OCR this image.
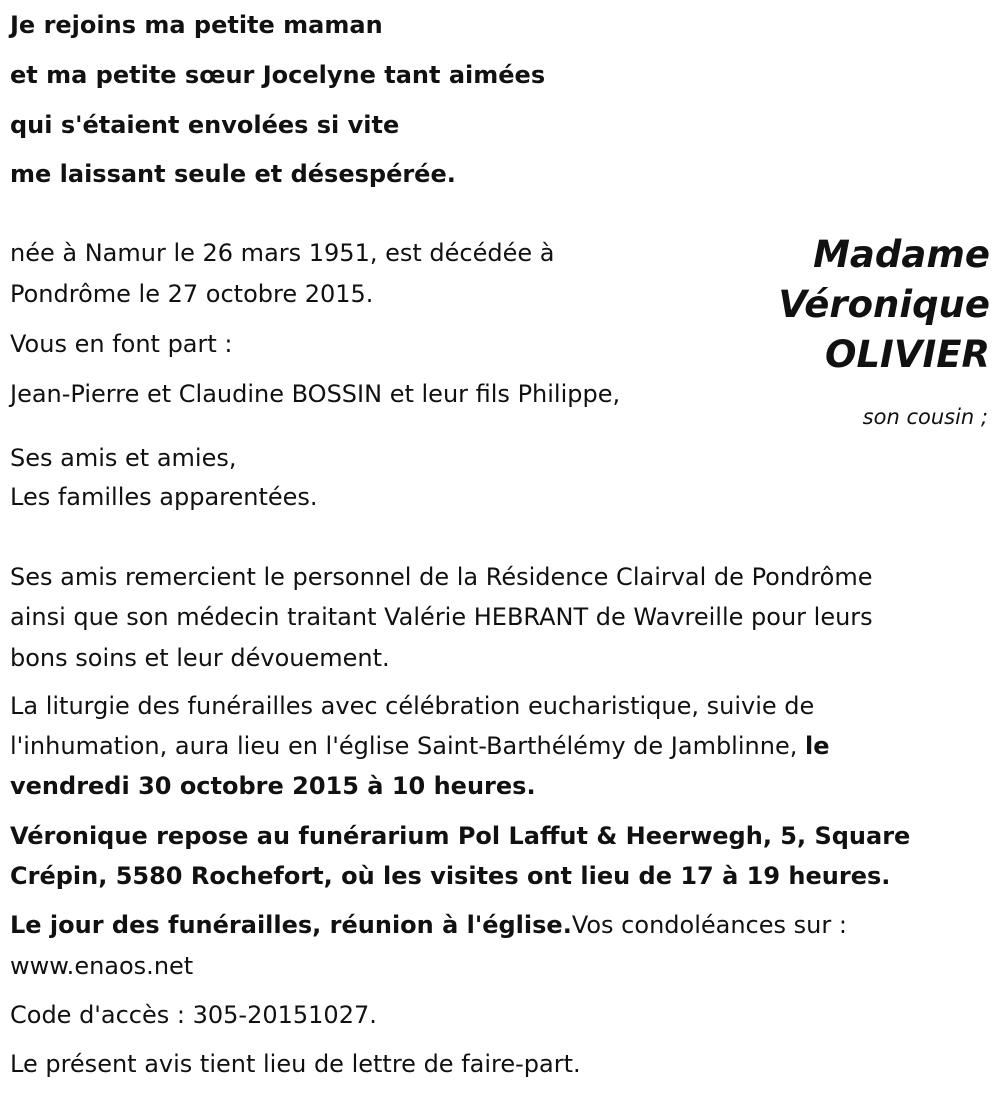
Je rejoins ma petite maman
et ma petite sœur Jocelyne tant aimées
qui s'étaient envolées si vite
me laissant seule et désespérée.
Madame
Véronique
OLIVIER
née à Namur le 26 mars 1951, est décédée à
Pondrôme le 27 octobre 2015.
Vous en font part :
Jean-Pierre et Claudine BOSSIN et leur fils Philippe,
son cousin ;
Ses amis et amies,
Les familles apparentées.
Ses amis remercient le personnel de la Résidence Clairval de Pondrôme
ainsi que son médecin traitant Valérie HEBRANT de Wavreille pour leurs
bons soins et leur dévouement.
La liturgie des funérailles avec célébration eucharistique, suivie de
l'inhumation, aura lieu en l'église Saint-Barthélémy de Jamblinne, le
vendredi 30 octobre 2015 à 10 heures.
Véronique repose au funérarium Pol Laffut & Heerwegh, 5, Square
Crépin, 5580 Rochefort, où les visites ont lieu de 17 à 19 heures.
Le jour des funérailles, réunion à l'église.Vos condoléances sur :
www.enaos.net
Code d'accès : 305-20151027.
Le présent avis tient lieu de lettre de faire-part.
